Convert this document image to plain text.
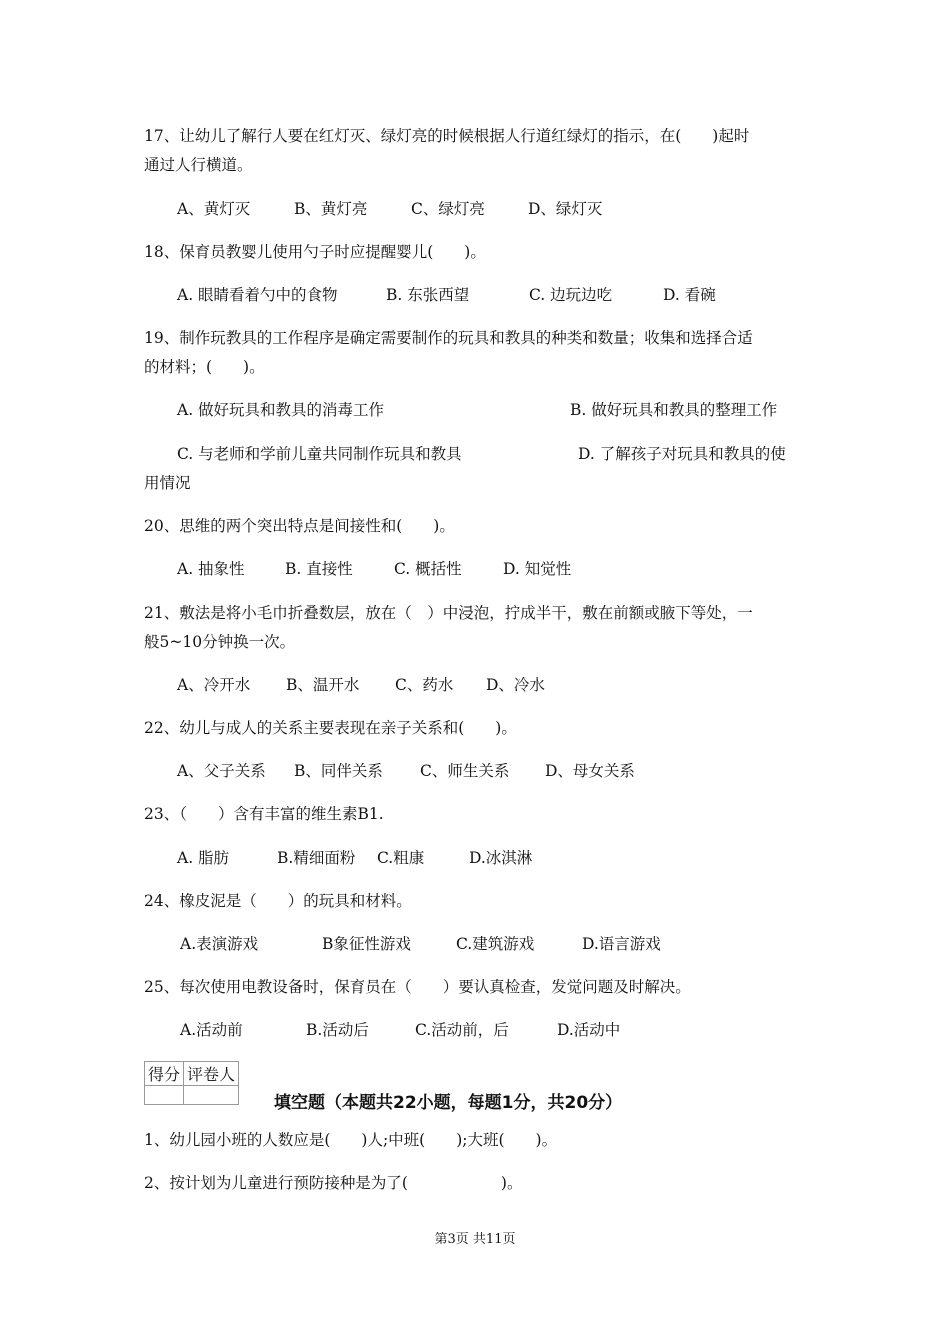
17、让幼儿了解行人要在红灯灭、绿灯亮的时候根据人行道红绿灯的指示，在(　　)起时
通过人行横道。
A、黄灯灭	B、黄灯亮	C、绿灯亮	D、绿灯灭
18、保育员教婴儿使用勺子时应提醒婴儿(　　)。
A. 眼睛看着勺中的食物	B. 东张西望	C. 边玩边吃	D. 看碗
19、制作玩教具的工作程序是确定需要制作的玩具和教具的种类和数量；收集和选择合适
的材料；(　　)。
A. 做好玩具和教具的消毒工作	B. 做好玩具和教具的整理工作
C. 与老师和学前儿童共同制作玩具和教具	D. 了解孩子对玩具和教具的使
用情况
20、思维的两个突出特点是间接性和(　　)。
A. 抽象性	B. 直接性	C. 概括性	D. 知觉性
21、敷法是将小毛巾折叠数层，放在（　）中浸泡，拧成半干，敷在前额或腋下等处，一
般5~10分钟换一次。
A、冷开水 B、温开水 C、药水 D、冷水
22、幼儿与成人的关系主要表现在亲子关系和(　　)。
A、父子关系 B、同伴关系 C、师生关系 D、母女关系
23、（　　）含有丰富的维生素B1.
A. 脂肪	B.精细面粉 C.粗康	D.冰淇淋
24、橡皮泥是（　　）的玩具和材料。
A.表演游戏	B象征性游戏	C.建筑游戏	D.语言游戏
25、每次使用电教设备时，保育员在（　　）要认真检查，发觉问题及时解决。
A.活动前	B.活动后	C.活动前，后	D.活动中
得分	评卷人

填空题（本题共22小题，每题1分，共20分）
1、幼儿园小班的人数应是(　　)人;中班(　　);大班(　　)。
2、按计划为儿童进行预防接种是为了(　　　　　　)。
第3页 共11页
